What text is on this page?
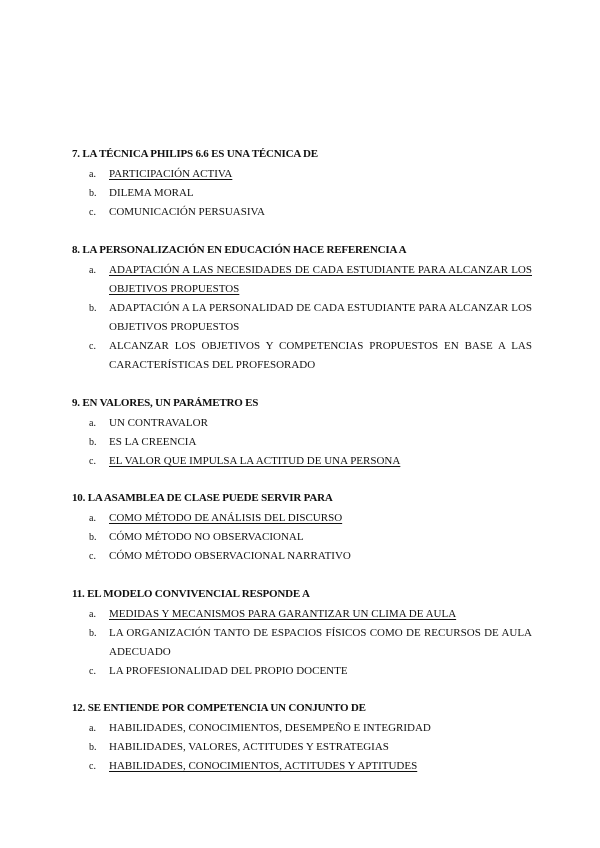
7. LA TÉCNICA PHILIPS 6.6 ES UNA TÉCNICA DE
a. PARTICIPACIÓN ACTIVA
b. DILEMA MORAL
c. COMUNICACIÓN PERSUASIVA
8. LA PERSONALIZACIÓN EN EDUCACIÓN HACE REFERENCIA A
a. ADAPTACIÓN A LAS NECESIDADES DE CADA ESTUDIANTE PARA ALCANZAR LOS OBJETIVOS PROPUESTOS
b. ADAPTACIÓN A LA PERSONALIDAD DE CADA ESTUDIANTE PARA ALCANZAR LOS OBJETIVOS PROPUESTOS
c. ALCANZAR LOS OBJETIVOS Y COMPETENCIAS PROPUESTOS EN BASE A LAS CARACTERÍSTICAS DEL PROFESORADO
9. EN VALORES, UN PARÁMETRO ES
a. UN CONTRAVALOR
b. ES LA CREENCIA
c. EL VALOR QUE IMPULSA LA ACTITUD DE UNA PERSONA
10. LA ASAMBLEA DE CLASE PUEDE SERVIR PARA
a. COMO MÉTODO DE ANÁLISIS DEL DISCURSO
b. CÓMO MÉTODO NO OBSERVACIONAL
c. CÓMO MÉTODO OBSERVACIONAL NARRATIVO
11. EL MODELO CONVIVENCIAL RESPONDE A
a. MEDIDAS Y MECANISMOS PARA GARANTIZAR UN CLIMA DE AULA
b. LA ORGANIZACIÓN TANTO DE ESPACIOS FÍSICOS COMO DE RECURSOS DE AULA ADECUADO
c. LA PROFESIONALIDAD DEL PROPIO DOCENTE
12. SE ENTIENDE POR COMPETENCIA UN CONJUNTO DE
a. HABILIDADES, CONOCIMIENTOS, DESEMPEÑO E INTEGRIDAD
b. HABILIDADES, VALORES, ACTITUDES Y ESTRATEGIAS
c. HABILIDADES, CONOCIMIENTOS, ACTITUDES Y APTITUDES
